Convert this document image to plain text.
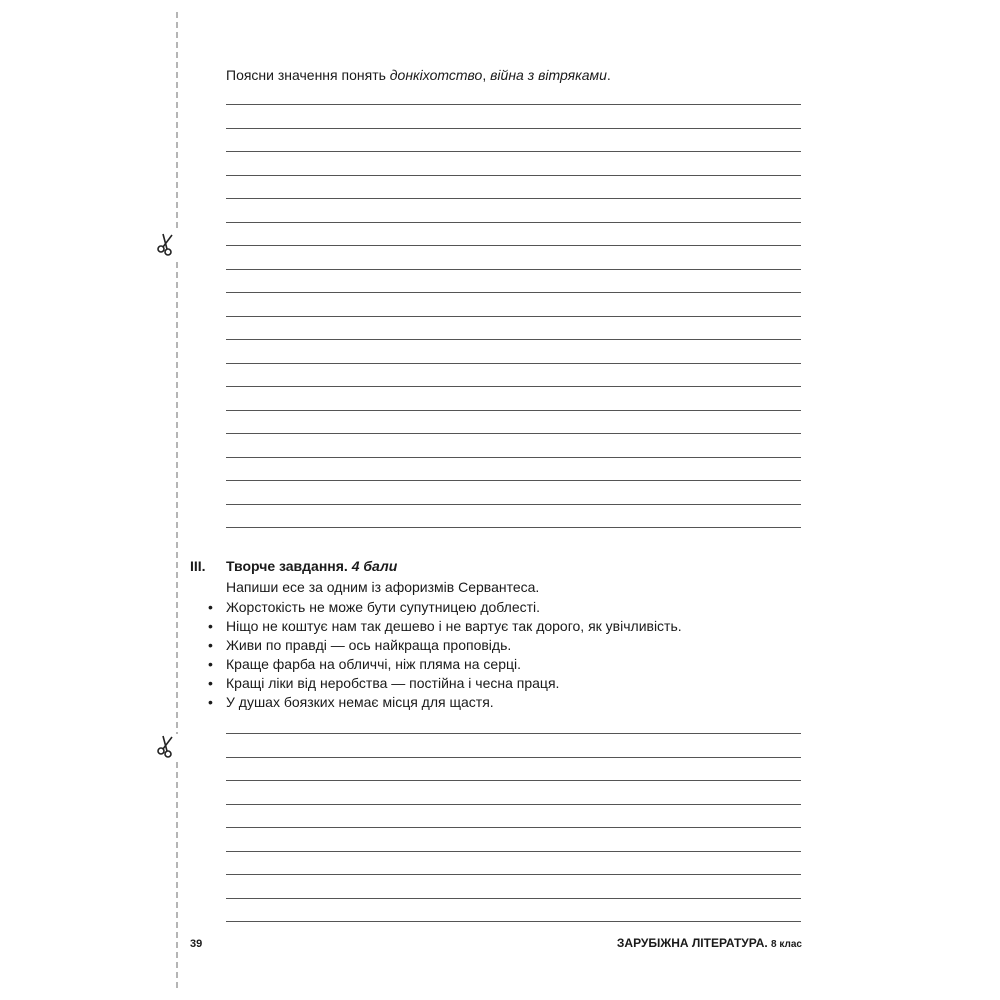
Поясни значення понять донкіхотство, війна з вітряками.
III. Творче завдання. 4 бали
Напиши есе за одним із афоризмів Сервантеса.
• Жорстокість не може бути супутницею доблесті.
• Ніщо не коштує нам так дешево і не вартує так дорого, як увічливість.
• Живи по правді — ось найкраща проповідь.
• Краще фарба на обличчі, ніж пляма на серці.
• Кращі ліки від неробства — постійна і чесна праця.
• У душах боязких немає місця для щастя.
39	ЗАРУБІЖНА ЛІТЕРАТУРА. 8 клас
